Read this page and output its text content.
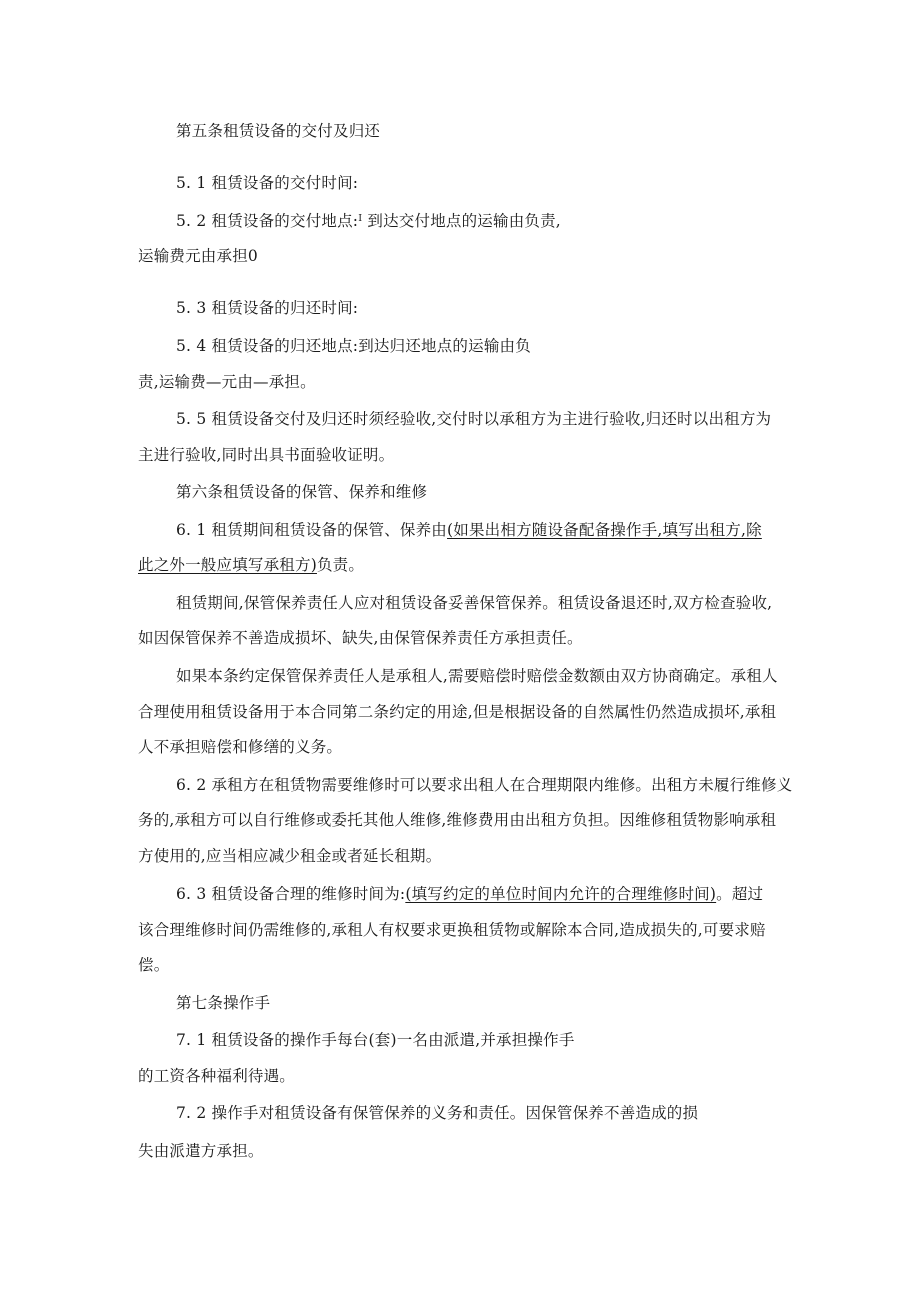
第五条租赁设备的交付及归还
5. 1 租赁设备的交付时间:
5. 2 租赁设备的交付地点:ᴵ 到达交付地点的运输由负责,
运输费元由承担0
5. 3 租赁设备的归还时间:
5. 4 租赁设备的归还地点:到达归还地点的运输由负
责,运输费—元由—承担。
5. 5 租赁设备交付及归还时须经验收,交付时以承租方为主进行验收,归还时以出租方为
主进行验收,同时出具书面验收证明。
第六条租赁设备的保管、保养和维修
6. 1 租赁期间租赁设备的保管、保养由(如果出相方随设备配备操作手,填写出租方,除
此之外一般应填写承租方)负责。
租赁期间,保管保养责任人应对租赁设备妥善保管保养。租赁设备退还时,双方检查验收,
如因保管保养不善造成损坏、缺失,由保管保养责任方承担责任。
如果本条约定保管保养责任人是承租人,需要赔偿时赔偿金数额由双方协商确定。承租人
合理使用租赁设备用于本合同第二条约定的用途,但是根据设备的自然属性仍然造成损坏,承租
人不承担赔偿和修缮的义务。
6. 2 承租方在租赁物需要维修时可以要求出租人在合理期限内维修。出租方未履行维修义
务的,承租方可以自行维修或委托其他人维修,维修费用由出租方负担。因维修租赁物影响承租
方使用的,应当相应减少租金或者延长租期。
6. 3 租赁设备合理的维修时间为:(填写约定的单位时间内允许的合理维修时间)。超过
该合理维修时间仍需维修的,承租人有权要求更换租赁物或解除本合同,造成损失的,可要求赔
偿。
第七条操作手
7. 1 租赁设备的操作手每台(套)一名由派遣,并承担操作手
的工资各种福利待遇。
7. 2 操作手对租赁设备有保管保养的义务和责任。因保管保养不善造成的损
失由派遣方承担。
